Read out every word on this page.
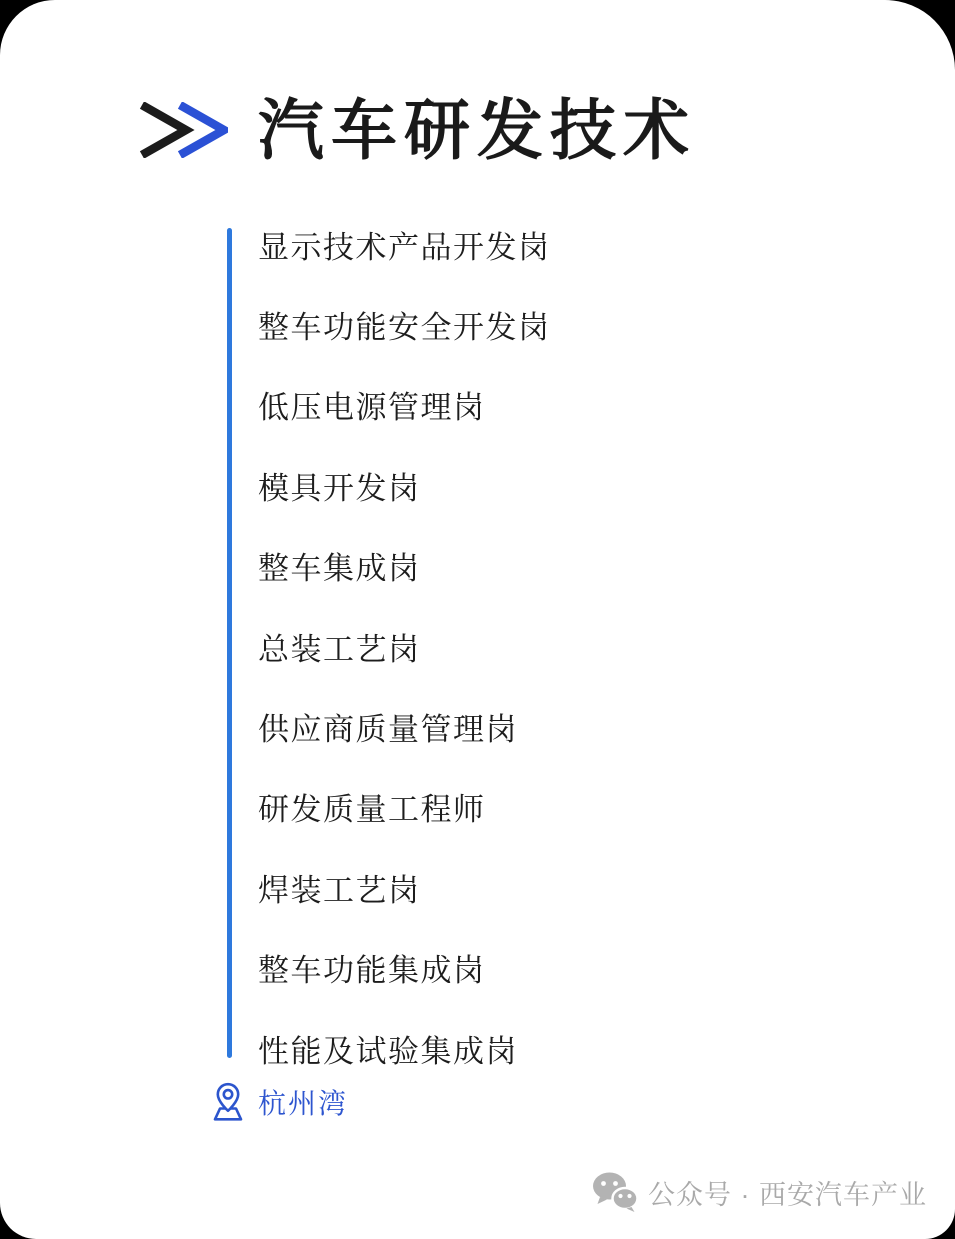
汽车研发技术
显示技术产品开发岗
整车功能安全开发岗
低压电源管理岗
模具开发岗
整车集成岗
总装工艺岗
供应商质量管理岗
研发质量工程师
焊装工艺岗
整车功能集成岗
性能及试验集成岗
杭州湾
公众号 · 西安汽车产业
